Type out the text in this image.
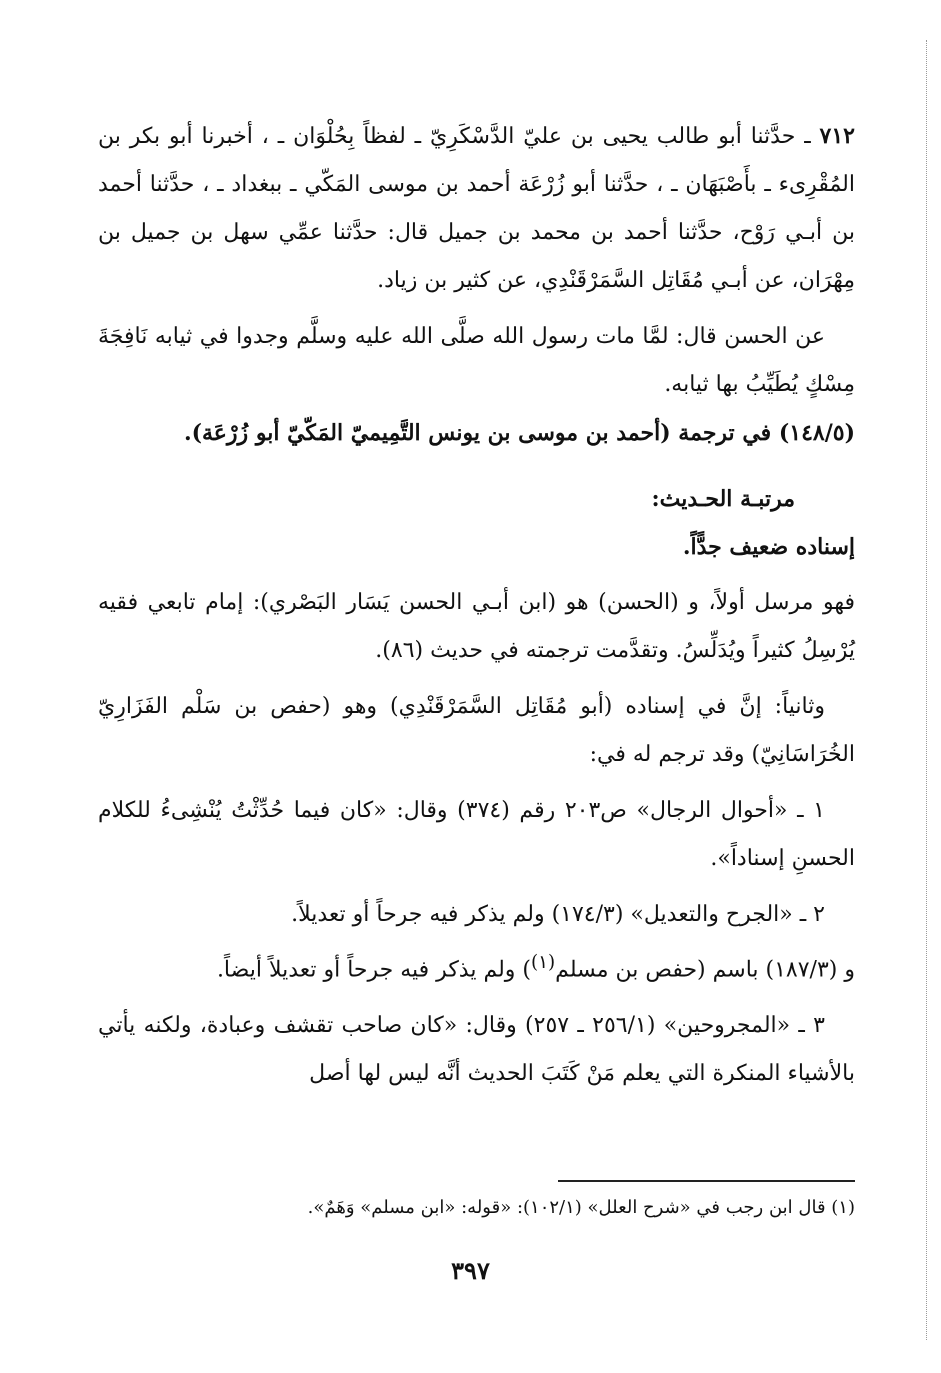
٧١٢ ـ حدَّثنا أبو طالب يحيى بن عليّ الدَّسْكَرِيّ ـ لفظاً بِحُلْوَان ـ ، أخبرنا أبو بكر بن المُقْرِىء ـ بأَصْبَهَان ـ ، حدَّثنا أبو زُرْعَة أحمد بن موسى المَكّي ـ ببغداد ـ ، حدَّثنا أحمد بن أبـي رَوْح، حدَّثنا أحمد بن محمد بن جميل قال: حدَّثنا عمِّي سهل بن جميل بن مِهْرَان، عن أبـي مُقَاتِل السَّمَرْقَنْدِي، عن كثير بن زياد.

عن الحسن قال: لمَّا مات رسول الله صلَّى الله عليه وسلَّم وجدوا في ثيابه نَافِجَةَ مِسْكٍ يُطَيِّبُ بها ثيابه.

(١٤٨/٥) في ترجمة (أحمد بن موسى بن يونس التَّمِيميّ المَكّيّ أبو زُرْعَة).

مرتبـة الحـديث:

إسناده ضعيف جدًّاً.

فهو مرسل أولاً، و (الحسن) هو (ابن أبـي الحسن يَسَار البَصْري): إمام تابعي فقيه يُرْسِلُ كثيراً ويُدَلِّسُ. وتقدَّمت ترجمته في حديث (٨٦).

وثانياً: إنَّ في إسناده (أبو مُقَاتِل السَّمَرْقَنْدِي) وهو (حفص بن سَلْم الفَزَارِيّ الخُرَاسَانِيّ) وقد ترجم له في:

١ ـ «أحوال الرجال» ص٢٠٣ رقم (٣٧٤) وقال: «كان فيما حُدِّثْتُ يُنْشِىءُ للكلام الحسنِ إسناداً».

٢ ـ «الجرح والتعديل» (١٧٤/٣) ولم يذكر فيه جرحاً أو تعديلاً.

و (١٨٧/٣) باسم (حفص بن مسلم$^{(١)}$) ولم يذكر فيه جرحاً أو تعديلاً أيضاً.

٣ ـ «المجروحين» (٢٥٦/١ ـ ٢٥٧) وقال: «كان صاحب تقشف وعبادة، ولكنه يأتي بالأشياء المنكرة التي يعلم مَنْ كَتَبَ الحديث أنَّه ليس لها أصل

(١) قال ابن رجب في «شرح العلل» (١٠٢/١): «قوله: «ابن مسلم» وَهَمٌ».
٣٩٧
